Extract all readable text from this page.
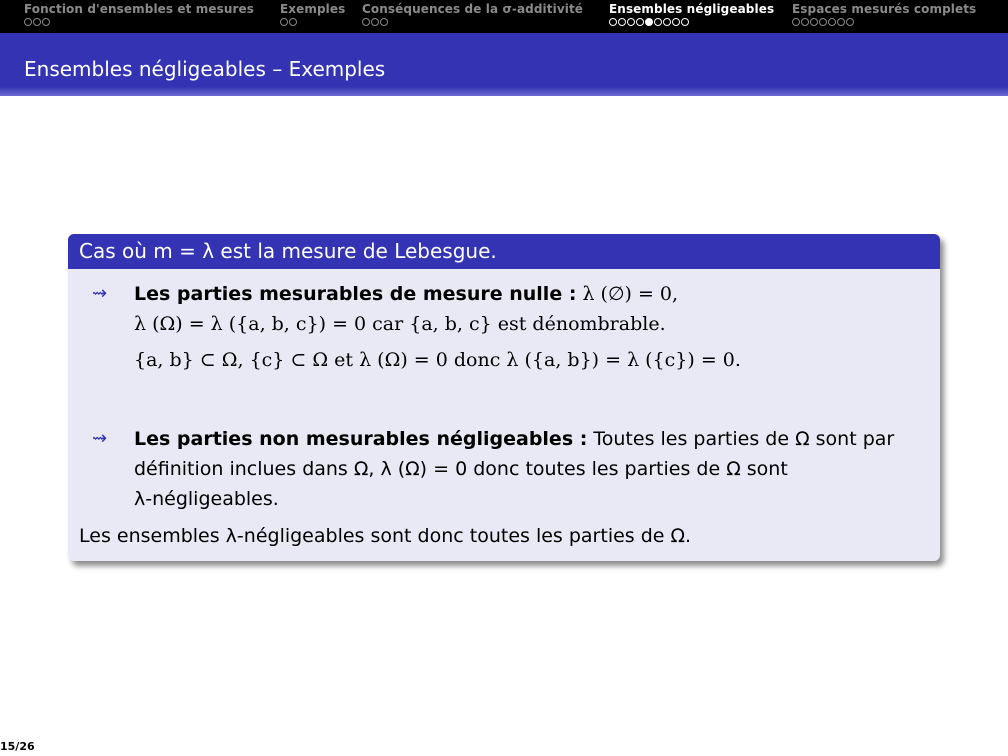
Fonction d'ensembles et mesures Exemples Conséquences de la σ-additivité Ensembles négligeables Espaces mesurés complets
Ensembles négligeables – Exemples
Cas où m = λ est la mesure de Lebesgue.
⇝ Les parties mesurables de mesure nulle : λ (∅) = 0,
λ (Ω) = λ ({a, b, c}) = 0 car {a, b, c} est dénombrable.
{a, b} ⊂ Ω, {c} ⊂ Ω et λ (Ω) = 0 donc λ ({a, b}) = λ ({c}) = 0.
⇝ Les parties non mesurables négligeables : Toutes les parties de Ω sont par
définition inclues dans Ω, λ (Ω) = 0 donc toutes les parties de Ω sont
λ-négligeables.
Les ensembles λ-négligeables sont donc toutes les parties de Ω.
15/26
